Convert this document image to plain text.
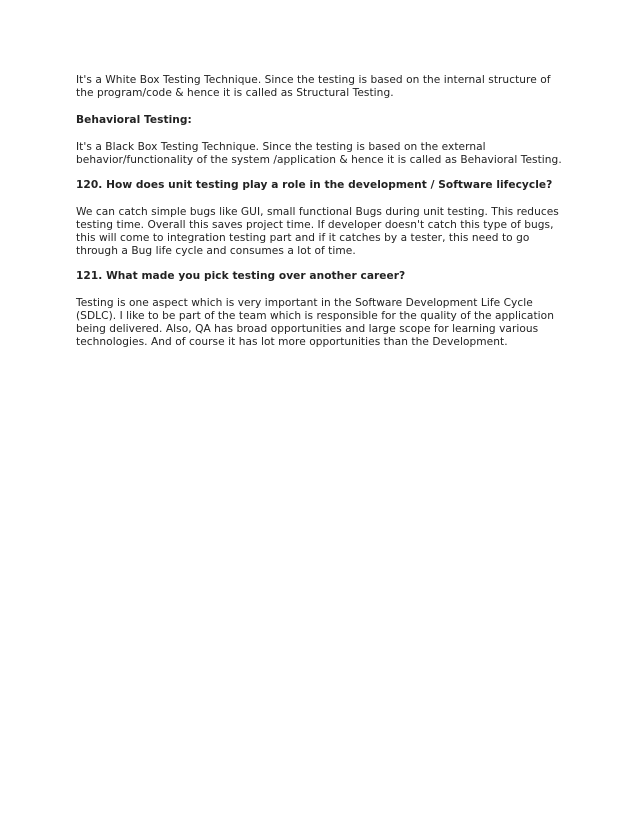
It's a White Box Testing Technique. Since the testing is based on the internal structure of
the program/code & hence it is called as Structural Testing.
Behavioral Testing:
It's a Black Box Testing Technique. Since the testing is based on the external
behavior/functionality of the system /application & hence it is called as Behavioral Testing.
120. How does unit testing play a role in the development / Software lifecycle?
We can catch simple bugs like GUI, small functional Bugs during unit testing. This reduces
testing time. Overall this saves project time. If developer doesn't catch this type of bugs,
this will come to integration testing part and if it catches by a tester, this need to go
through a Bug life cycle and consumes a lot of time.
121. What made you pick testing over another career?
Testing is one aspect which is very important in the Software Development Life Cycle
(SDLC). I like to be part of the team which is responsible for the quality of the application
being delivered. Also, QA has broad opportunities and large scope for learning various
technologies. And of course it has lot more opportunities than the Development.
